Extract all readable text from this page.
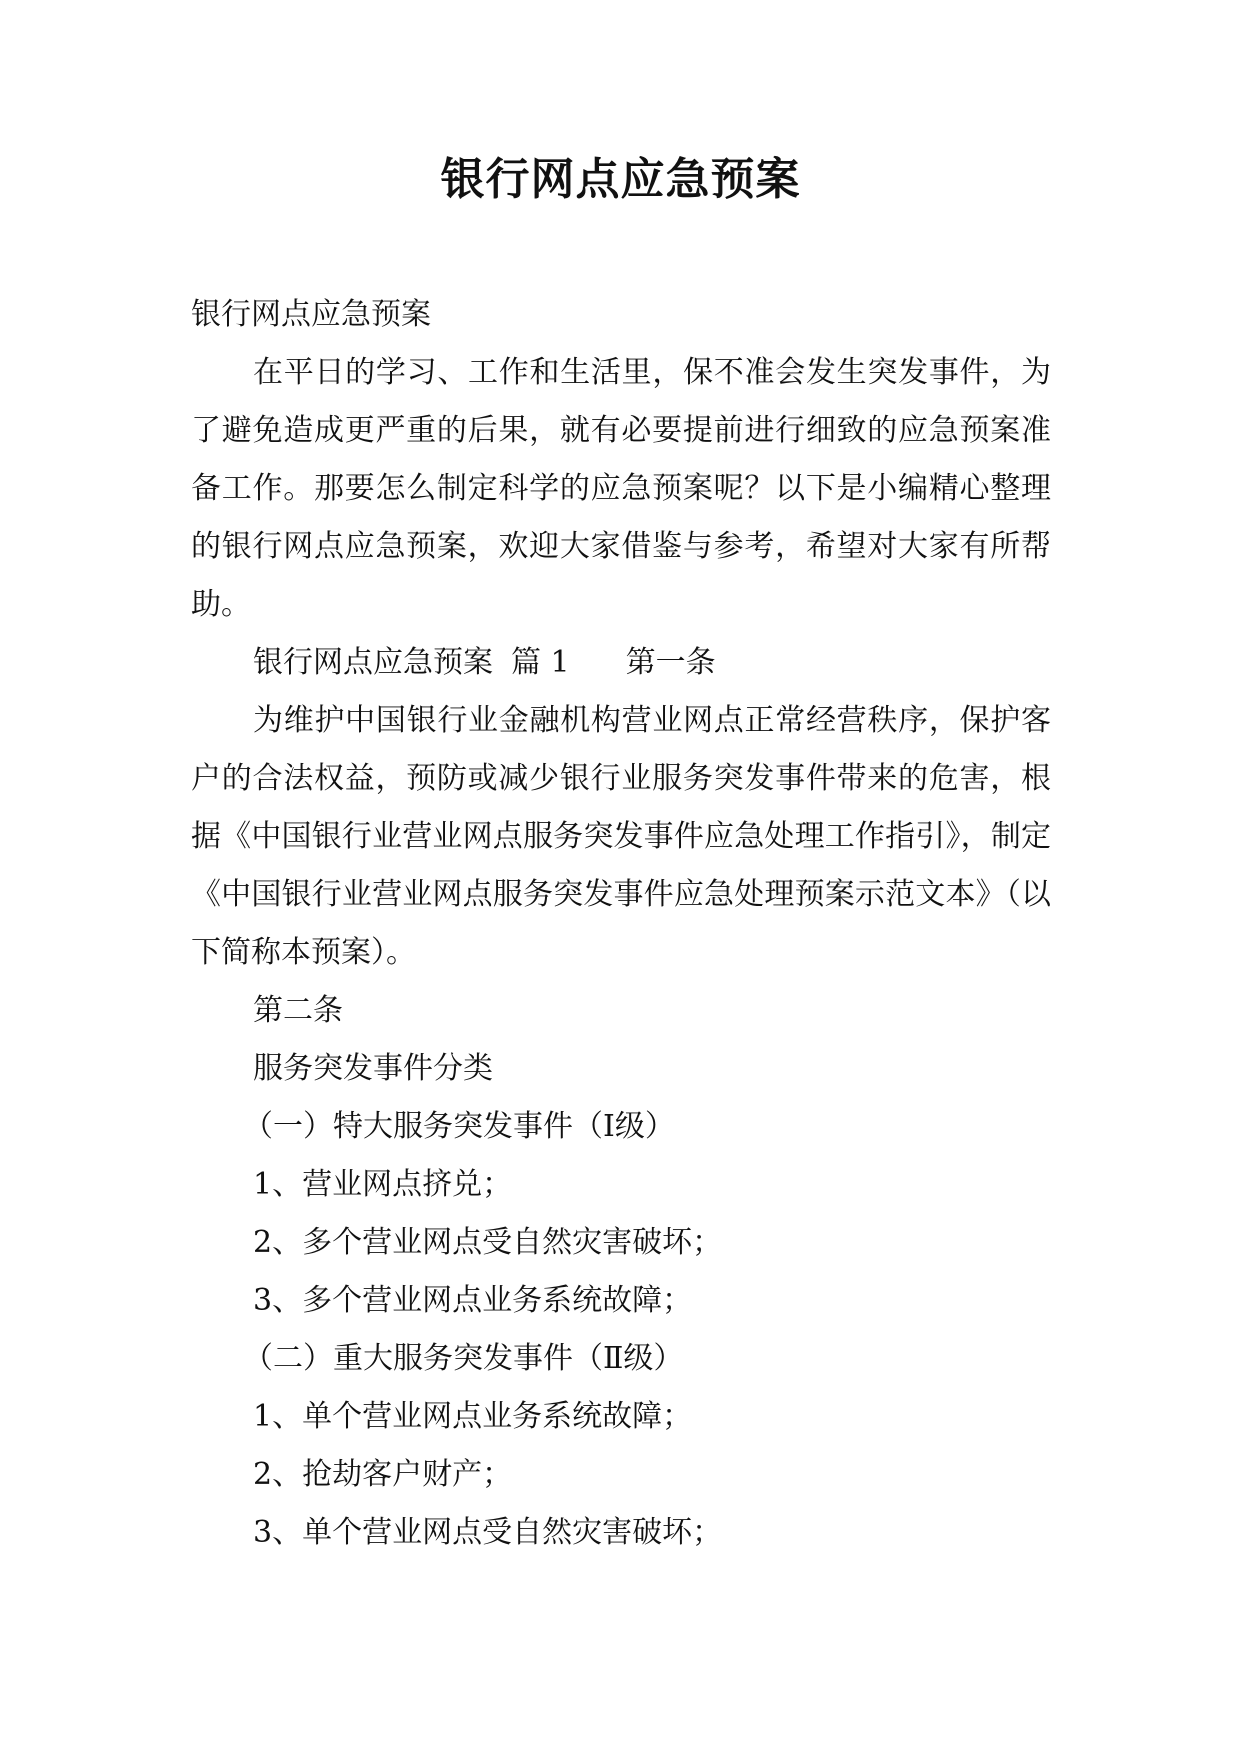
银行网点应急预案

银行网点应急预案

在平日的学习、工作和生活里，保不准会发生突发事件，为了避免造成更严重的后果，就有必要提前进行细致的应急预案准备工作。那要怎么制定科学的应急预案呢？以下是小编精心整理的银行网点应急预案，欢迎大家借鉴与参考，希望对大家有所帮助。

银行网点应急预案 篇 1 第一条

为维护中国银行业金融机构营业网点正常经营秩序，保护客户的合法权益，预防或减少银行业服务突发事件带来的危害，根据《中国银行业营业网点服务突发事件应急处理工作指引》，制定《中国银行业营业网点服务突发事件应急处理预案示范文本》（以下简称本预案）。

第二条

服务突发事件分类

（一）特大服务突发事件（Ⅰ级）

1、营业网点挤兑；

2、多个营业网点受自然灾害破坏；

3、多个营业网点业务系统故障；

（二）重大服务突发事件（Ⅱ级）

1、单个营业网点业务系统故障；

2、抢劫客户财产；

3、单个营业网点受自然灾害破坏；
